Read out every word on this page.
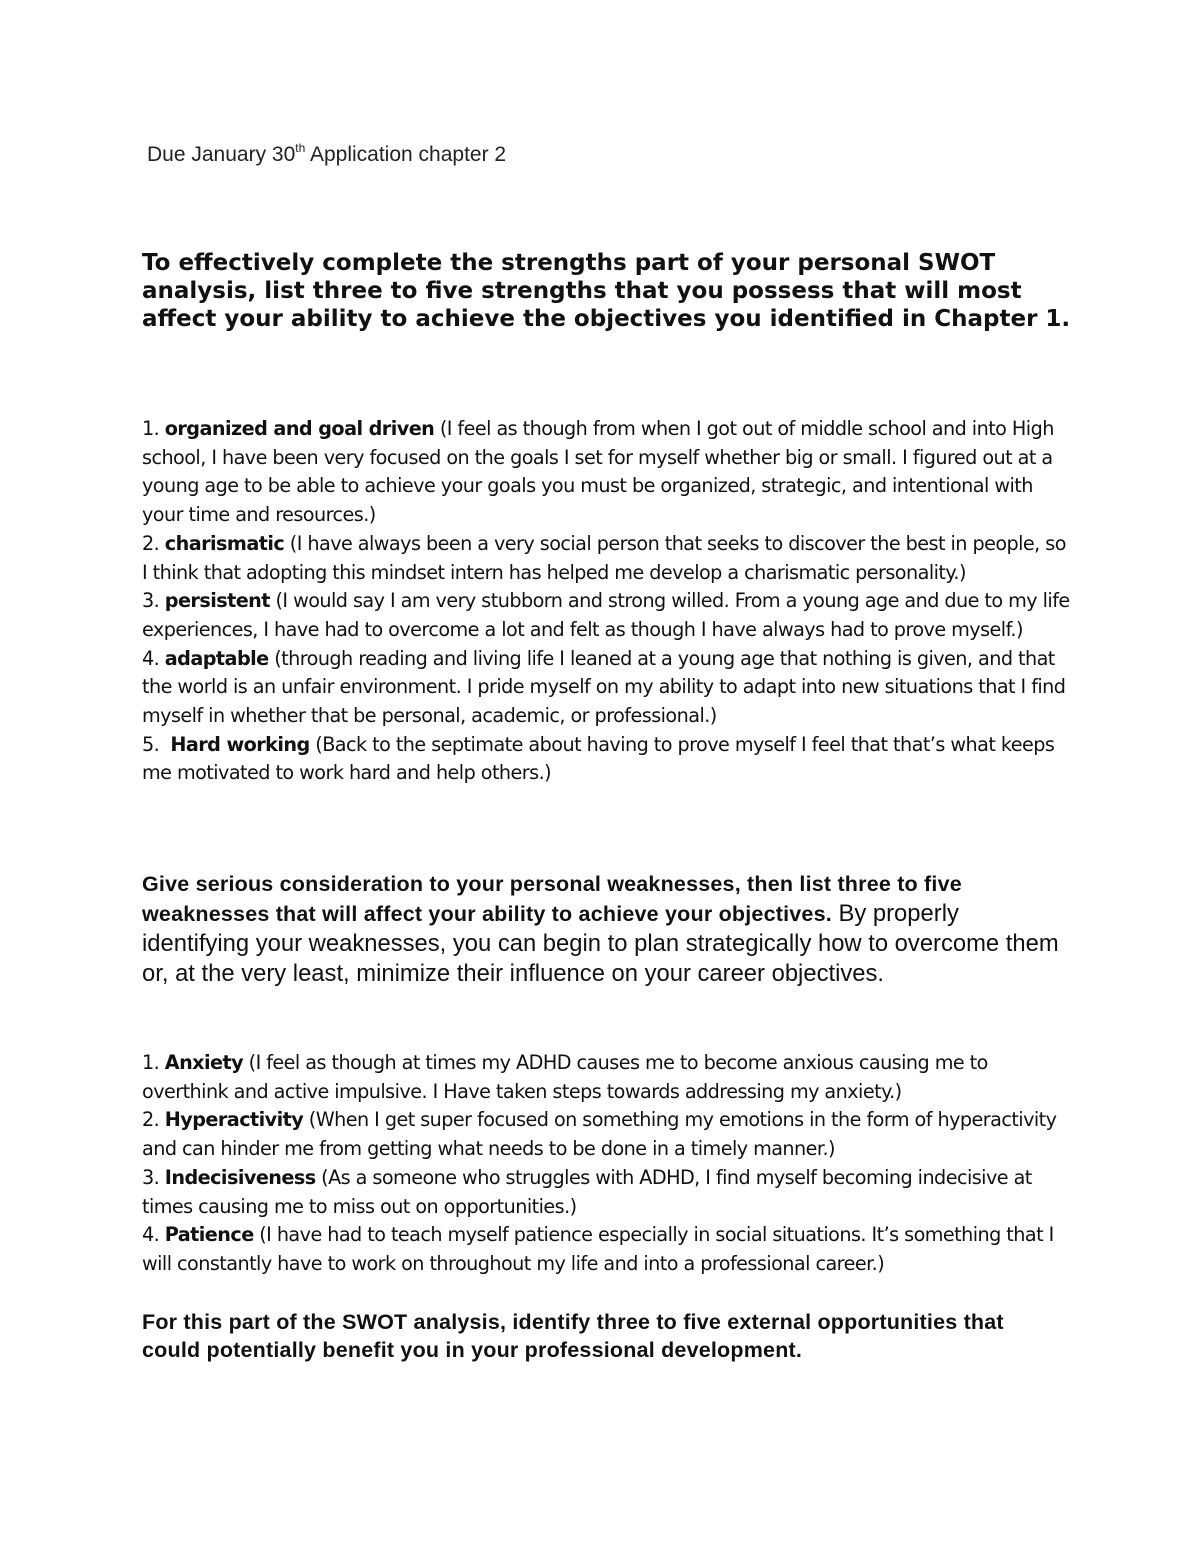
Due January 30th Application chapter 2

To effectively complete the strengths part of your personal SWOT analysis, list three to five strengths that you possess that will most affect your ability to achieve the objectives you identified in Chapter 1.

1. organized and goal driven (I feel as though from when I got out of middle school and into High school, I have been very focused on the goals I set for myself whether big or small. I figured out at a young age to be able to achieve your goals you must be organized, strategic, and intentional with your time and resources.)
2. charismatic (I have always been a very social person that seeks to discover the best in people, so I think that adopting this mindset intern has helped me develop a charismatic personality.)
3. persistent (I would say I am very stubborn and strong willed. From a young age and due to my life experiences, I have had to overcome a lot and felt as though I have always had to prove myself.)
4. adaptable (through reading and living life I leaned at a young age that nothing is given, and that the world is an unfair environment. I pride myself on my ability to adapt into new situations that I find myself in whether that be personal, academic, or professional.)
5.  Hard working (Back to the septimate about having to prove myself I feel that that’s what keeps me motivated to work hard and help others.)

Give serious consideration to your personal weaknesses, then list three to five weaknesses that will affect your ability to achieve your objectives. By properly identifying your weaknesses, you can begin to plan strategically how to overcome them or, at the very least, minimize their influence on your career objectives.

1. Anxiety (I feel as though at times my ADHD causes me to become anxious causing me to overthink and active impulsive. I Have taken steps towards addressing my anxiety.)
2. Hyperactivity (When I get super focused on something my emotions in the form of hyperactivity and can hinder me from getting what needs to be done in a timely manner.)
3. Indecisiveness (As a someone who struggles with ADHD, I find myself becoming indecisive at times causing me to miss out on opportunities.)
4. Patience (I have had to teach myself patience especially in social situations. It’s something that I will constantly have to work on throughout my life and into a professional career.)

For this part of the SWOT analysis, identify three to five external opportunities that could potentially benefit you in your professional development.
